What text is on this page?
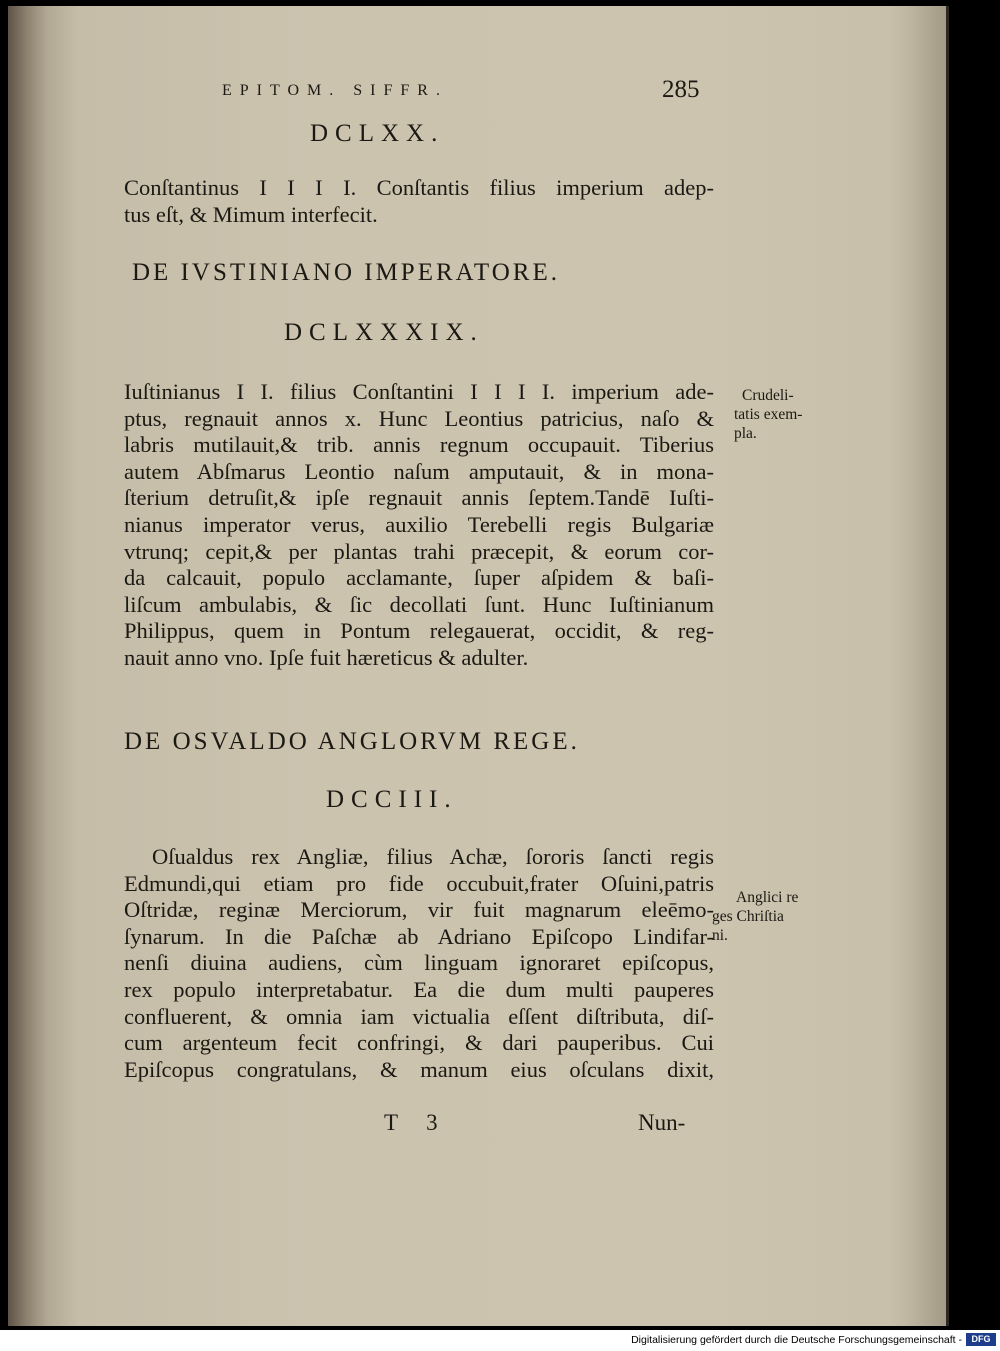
EPITOM. SIFFR.	285
DCLXX.
Conſtantinus I I I I. Conſtantis filius imperium adep-
tus eſt, & Mimum interfecit.
DE IVSTINIANO IMPERATORE.
DCLXXXIX.
Iuſtinianus I I. filius Conſtantini I I I I. imperium ade-
ptus, regnauit annos x. Hunc Leontius patricius, naſo &
labris mutilauit,& trib. annis regnum occupauit. Tiberius
autem Abſmarus Leontio naſum amputauit, & in mona-
ſterium detruſit,& ipſe regnauit annis ſeptem.Tandē Iuſti-
nianus imperator verus, auxilio Terebelli regis Bulgariæ
vtrunq; cepit,& per plantas trahi præcepit, & eorum cor-
da calcauit, populo acclamante, ſuper aſpidem & baſi-
liſcum ambulabis, & ſic decollati ſunt. Hunc Iuſtinianum
Philippus, quem in Pontum relegauerat, occidit, & reg-
nauit anno vno. Ipſe fuit hæreticus & adulter.
Crudeli-
tatis exem-
pla.
DE OSVALDO ANGLORVM REGE.
DCCIII.
Oſualdus rex Angliæ, filius Achæ, ſororis ſancti regis
Edmundi,qui etiam pro fide occubuit,frater Oſuini,patris
Oſtridæ, reginæ Merciorum, vir fuit magnarum eleēmo-
ſynarum. In die Paſchæ ab Adriano Epiſcopo Lindifar-
nenſi diuina audiens, cùm linguam ignoraret epiſcopus,
rex populo interpretabatur. Ea die dum multi pauperes
confluerent, & omnia iam victualia eſſent diſtributa, diſ-
cum argenteum fecit confringi, & dari pauperibus. Cui
Epiſcopus congratulans, & manum eius oſculans dixit,
Anglici re
ges Chriſtia
ni.
T 3	Nun-
Digitalisierung gefördert durch die Deutsche Forschungsgemeinschaft -	DFG
